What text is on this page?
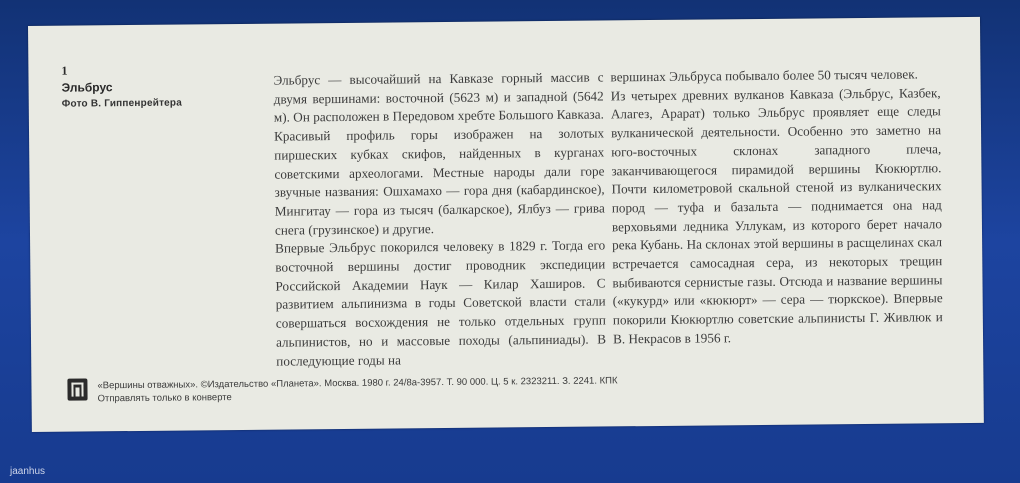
1
Эльбрус
Фото В. Гиппенрейтера

Эльбрус — высочайший на Кавказе горный массив с двумя вершинами: восточной (5623 м) и западной (5642 м). Он расположен в Передовом хребте Большого Кавказа. Красивый профиль горы изображен на золотых пиршеских кубках скифов, найденных в курганах советскими археологами. Местные народы дали горе звучные названия: Ошхамахо — гора дня (кабардинское), Мингитау — гора из тысяч (балкарское), Ялбуз — грива снега (грузинское) и другие.

Впервые Эльбрус покорился человеку в 1829 г. Тогда его восточной вершины достиг проводник экспедиции Российской Академии Наук — Килар Хаширов. С развитием альпинизма в годы Советской власти стали совершаться восхождения не только отдельных групп альпинистов, но и массовые походы (альпиниады). В последующие годы на

вершинах Эльбруса побывало более 50 тысяч человек.

Из четырех древних вулканов Кавказа (Эльбрус, Казбек, Алагез, Арарат) только Эльбрус проявляет еще следы вулканической деятельности. Особенно это заметно на юго-восточных склонах западного плеча, заканчивающегося пирамидой вершины Кюкюртлю. Почти километровой скальной стеной из вулканических пород — туфа и базальта — поднимается она над верховьями ледника Уллукам, из которого берет начало река Кубань. На склонах этой вершины в расщелинах скал встречается самосадная сера, из некоторых трещин выбиваются сернистые газы. Отсюда и название вершины («кукурд» или «кюкюрт» — сера — тюркское). Впервые покорили Кюкюртлю советские альпинисты Г. Живлюк и В. Некрасов в 1956 г.

«Вершины отважных». ©Издательство «Планета». Москва. 1980 г. 24/8а-3957. Т. 90 000. Ц. 5 к. 2323211. З. 2241. КПК
Отправлять только в конверте
jaanhus
